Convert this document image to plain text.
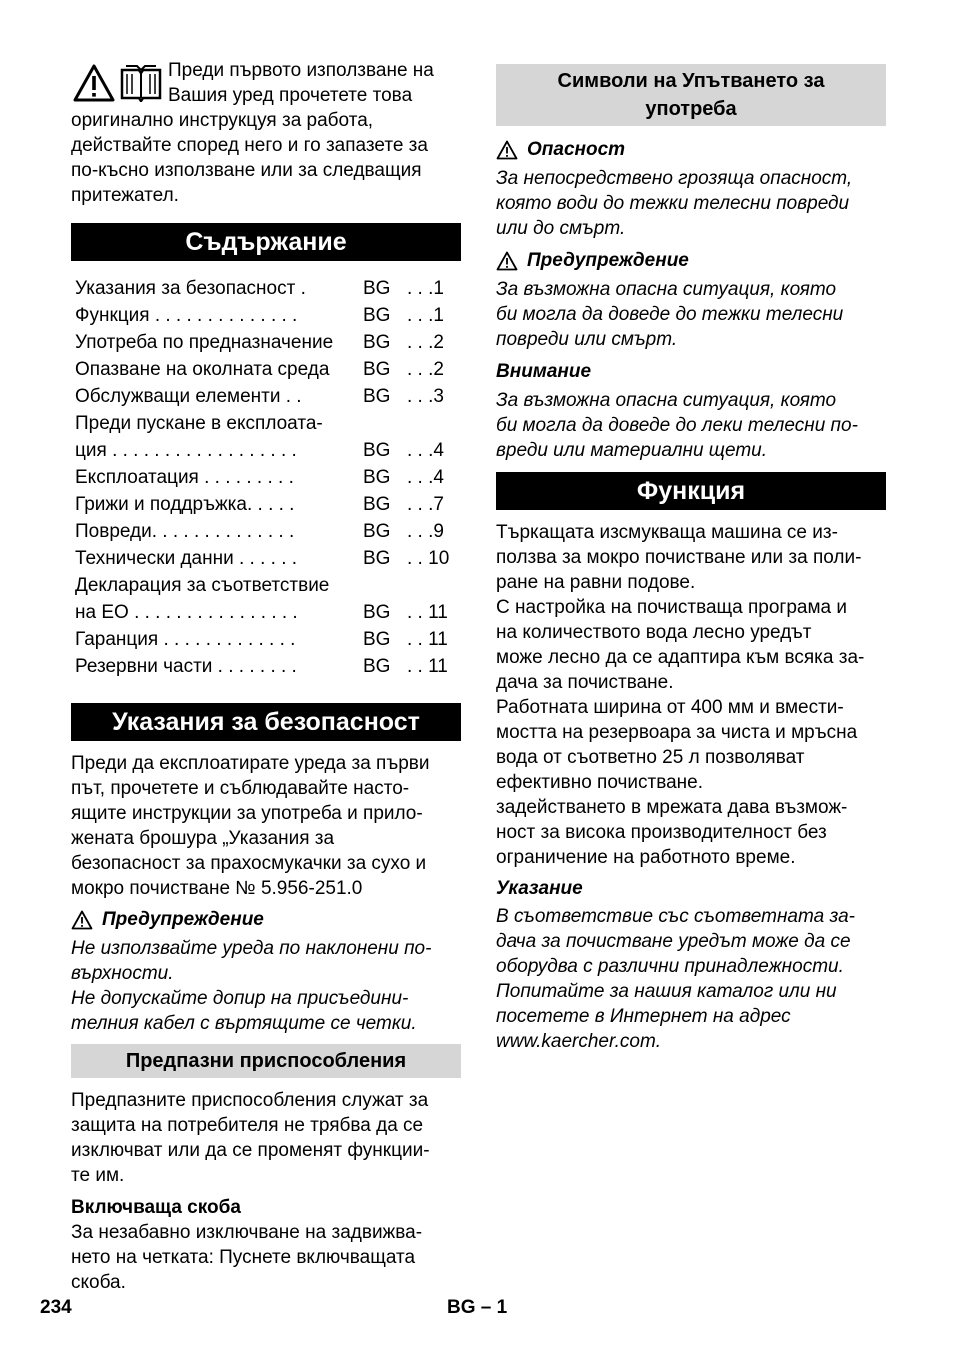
Преди първото използване на

Вашия уред прочетете това

оригинално инструкцуя за работа,

действайте според него и го запазете за

по-късно използване или за следващия

притежател.

Съдържание
Указания за безопасност .	BG	. . .1
Функция . . . . . . . . . . . . . .	BG	. . .1
Употреба по предназначение	BG	. . .2
Опазване на околната среда	BG	. . .2
Обслужващи елементи . .	BG	. . .3
Преди пускане в експлоата-		
ция . . . . . . . . . . . . . . . . . .	BG	. . .4
Експлоатация . . . . . . . . .	BG	. . .4
Грижи и поддръжка. . . . .	BG	. . .7
Повреди. . . . . . . . . . . . . .	BG	. . .9
Технически данни . . . . . .	BG	. . 10
Декларация за съответствие		
на ЕО . . . . . . . . . . . . . . . .	BG	. . 11
Гаранция . . . . . . . . . . . . .	BG	. . 11
Резервни части . . . . . . . .	BG	. . 11
Указания за безопасност

Преди да експлоатирате уреда за първи

път, прочетете и съблюдавайте насто-

ящите инструкции за употреба и прило-

жената брошура „Указания за

безопасност за прахосмукачки за сухо и

мокро почистване № 5.956-251.0

Предупреждение

Не използвайте уреда по наклонени по-

върхности.

Не допускайте допир на присъедини-

телния кабел с въртящите се четки.

Предпазни приспособления

Предпазните приспособления служат за

защита на потребителя не трябва да се

изключват или да се променят функции-

те им.

Включваща скоба

За незабавно изключване на задвижва-

нето на четката: Пуснете включващата

скоба.

Символи на Упътването за
употреба
Опасност

За непосредствено грозяща опасност,

която води до тежки телесни повреди

или до смърт.

Предупреждение

За възможна опасна ситуация, която

би могла да доведе до тежки телесни

повреди или смърт.

Внимание

За възможна опасна ситуация, която

би могла да доведе до леки телесни по-

вреди или материални щети.

Функция

Търкащата изсмукваща машина се из-

ползва за мокро почистване или за поли-

ране на равни подове.

С настройка на почистваща програма и

на количеството вода лесно уредът

може лесно да се адаптира към всяка за-

дача за почистване.

Работната ширина от 400 мм и вмести-

мостта на резервоара за чиста и мръсна

вода от съответно 25 л позволяват

ефективно почистване.

задействането в мрежата дава възмож-

ност за висока производителност без

ограничение на работното време.

Указание

В съответствие със съответната за-

дача за почистване уредът може да се

оборудва с различни принадлежности.

Попитайте за нашия каталог или ни

посетете в Интернет на адрес

www.kaercher.com.

234	BG – 1
